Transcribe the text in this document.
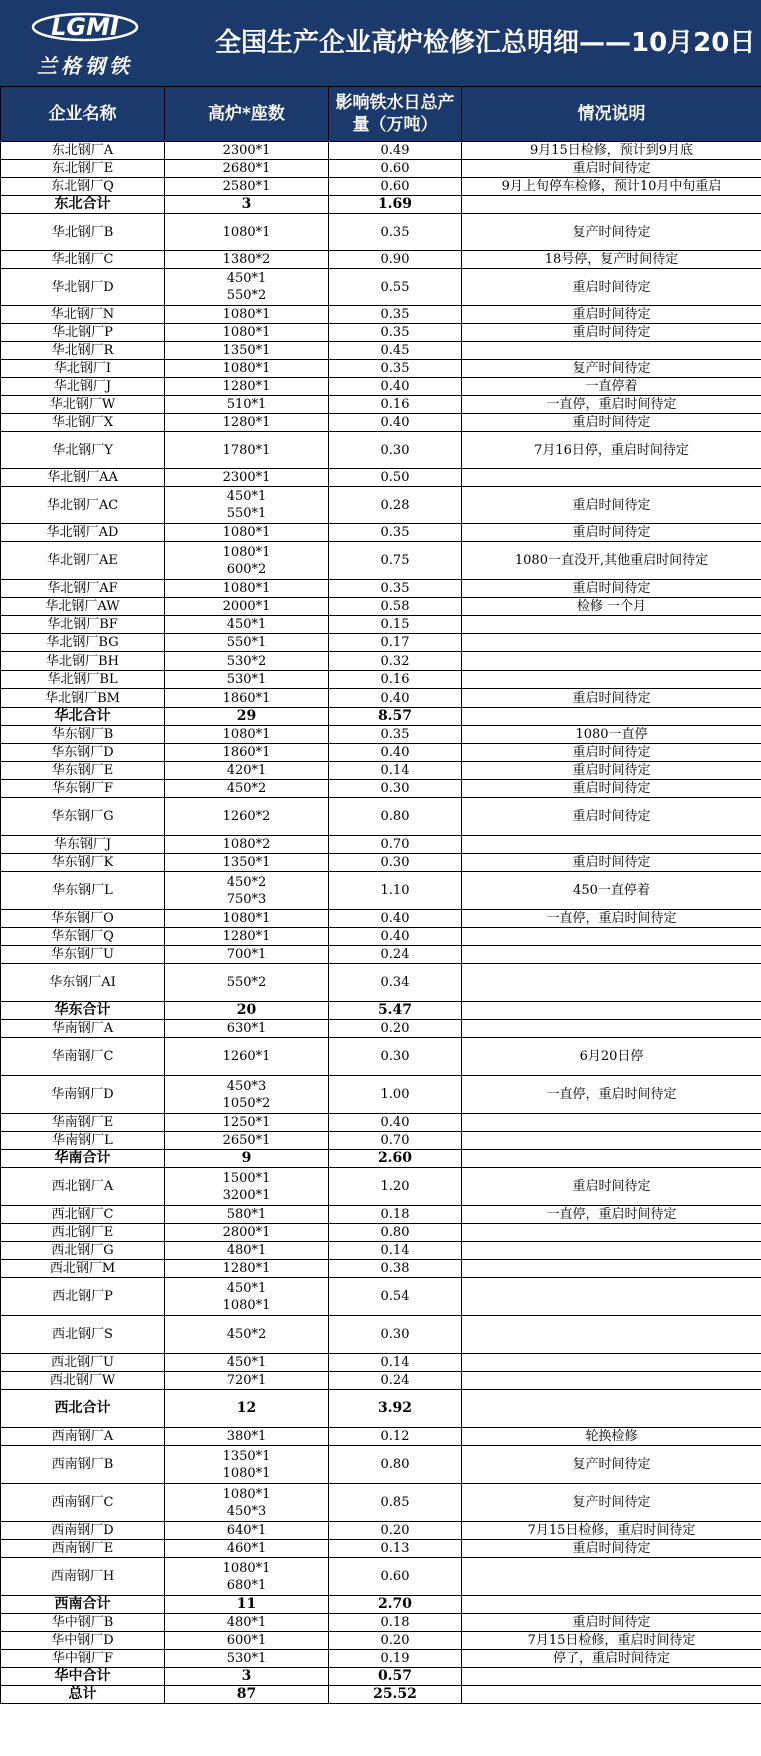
LGMI
兰格钢铁
全国生产企业高炉检修汇总明细——10月20日
企业名称	高炉*座数	影响铁水日总产
量（万吨）	情况说明
东北钢厂A	2300*1	0.49	9月15日检修，预计到9月底
东北钢厂E	2680*1	0.60	重启时间待定
东北钢厂Q	2580*1	0.60	9月上旬停车检修，预计10月中旬重启
东北合计	3	1.69	
华北钢厂B	1080*1	0.35	复产时间待定
华北钢厂C	1380*2	0.90	18号停，复产时间待定
华北钢厂D	450*1
550*2	0.55	重启时间待定
华北钢厂N	1080*1	0.35	重启时间待定
华北钢厂P	1080*1	0.35	重启时间待定
华北钢厂R	1350*1	0.45	
华北钢厂I	1080*1	0.35	复产时间待定
华北钢厂J	1280*1	0.40	一直停着
华北钢厂W	510*1	0.16	一直停，重启时间待定
华北钢厂X	1280*1	0.40	重启时间待定
华北钢厂Y	1780*1	0.30	7月16日停，重启时间待定
华北钢厂AA	2300*1	0.50	
华北钢厂AC	450*1
550*1	0.28	重启时间待定
华北钢厂AD	1080*1	0.35	重启时间待定
华北钢厂AE	1080*1
600*2	0.75	1080一直没开,其他重启时间待定
华北钢厂AF	1080*1	0.35	重启时间待定
华北钢厂AW	2000*1	0.58	检修 一个月
华北钢厂BF	450*1	0.15	
华北钢厂BG	550*1	0.17	
华北钢厂BH	530*2	0.32	
华北钢厂BL	530*1	0.16	
华北钢厂BM	1860*1	0.40	重启时间待定
华北合计	29	8.57	
华东钢厂B	1080*1	0.35	1080一直停
华东钢厂D	1860*1	0.40	重启时间待定
华东钢厂E	420*1	0.14	重启时间待定
华东钢厂F	450*2	0.30	重启时间待定
华东钢厂G	1260*2	0.80	重启时间待定
华东钢厂J	1080*2	0.70	
华东钢厂K	1350*1	0.30	重启时间待定
华东钢厂L	450*2
750*3	1.10	450一直停着
华东钢厂O	1080*1	0.40	一直停，重启时间待定
华东钢厂Q	1280*1	0.40	
华东钢厂U	700*1	0.24	
华东钢厂AI	550*2	0.34	
华东合计	20	5.47	
华南钢厂A	630*1	0.20	
华南钢厂C	1260*1	0.30	6月20日停
华南钢厂D	450*3
1050*2	1.00	一直停，重启时间待定
华南钢厂E	1250*1	0.40	
华南钢厂L	2650*1	0.70	
华南合计	9	2.60	
西北钢厂A	1500*1
3200*1	1.20	重启时间待定
西北钢厂C	580*1	0.18	一直停，重启时间待定
西北钢厂E	2800*1	0.80	
西北钢厂G	480*1	0.14	
西北钢厂M	1280*1	0.38	
西北钢厂P	450*1
1080*1	0.54	
西北钢厂S	450*2	0.30	
西北钢厂U	450*1	0.14	
西北钢厂W	720*1	0.24	
西北合计	12	3.92	
西南钢厂A	380*1	0.12	轮换检修
西南钢厂B	1350*1
1080*1	0.80	复产时间待定
西南钢厂C	1080*1
450*3	0.85	复产时间待定
西南钢厂D	640*1	0.20	7月15日检修，重启时间待定
西南钢厂E	460*1	0.13	重启时间待定
西南钢厂H	1080*1
680*1	0.60	
西南合计	11	2.70	
华中钢厂B	480*1	0.18	重启时间待定
华中钢厂D	600*1	0.20	7月15日检修，重启时间待定
华中钢厂F	530*1	0.19	停了，重启时间待定
华中合计	3	0.57	
总计	87	25.52	
